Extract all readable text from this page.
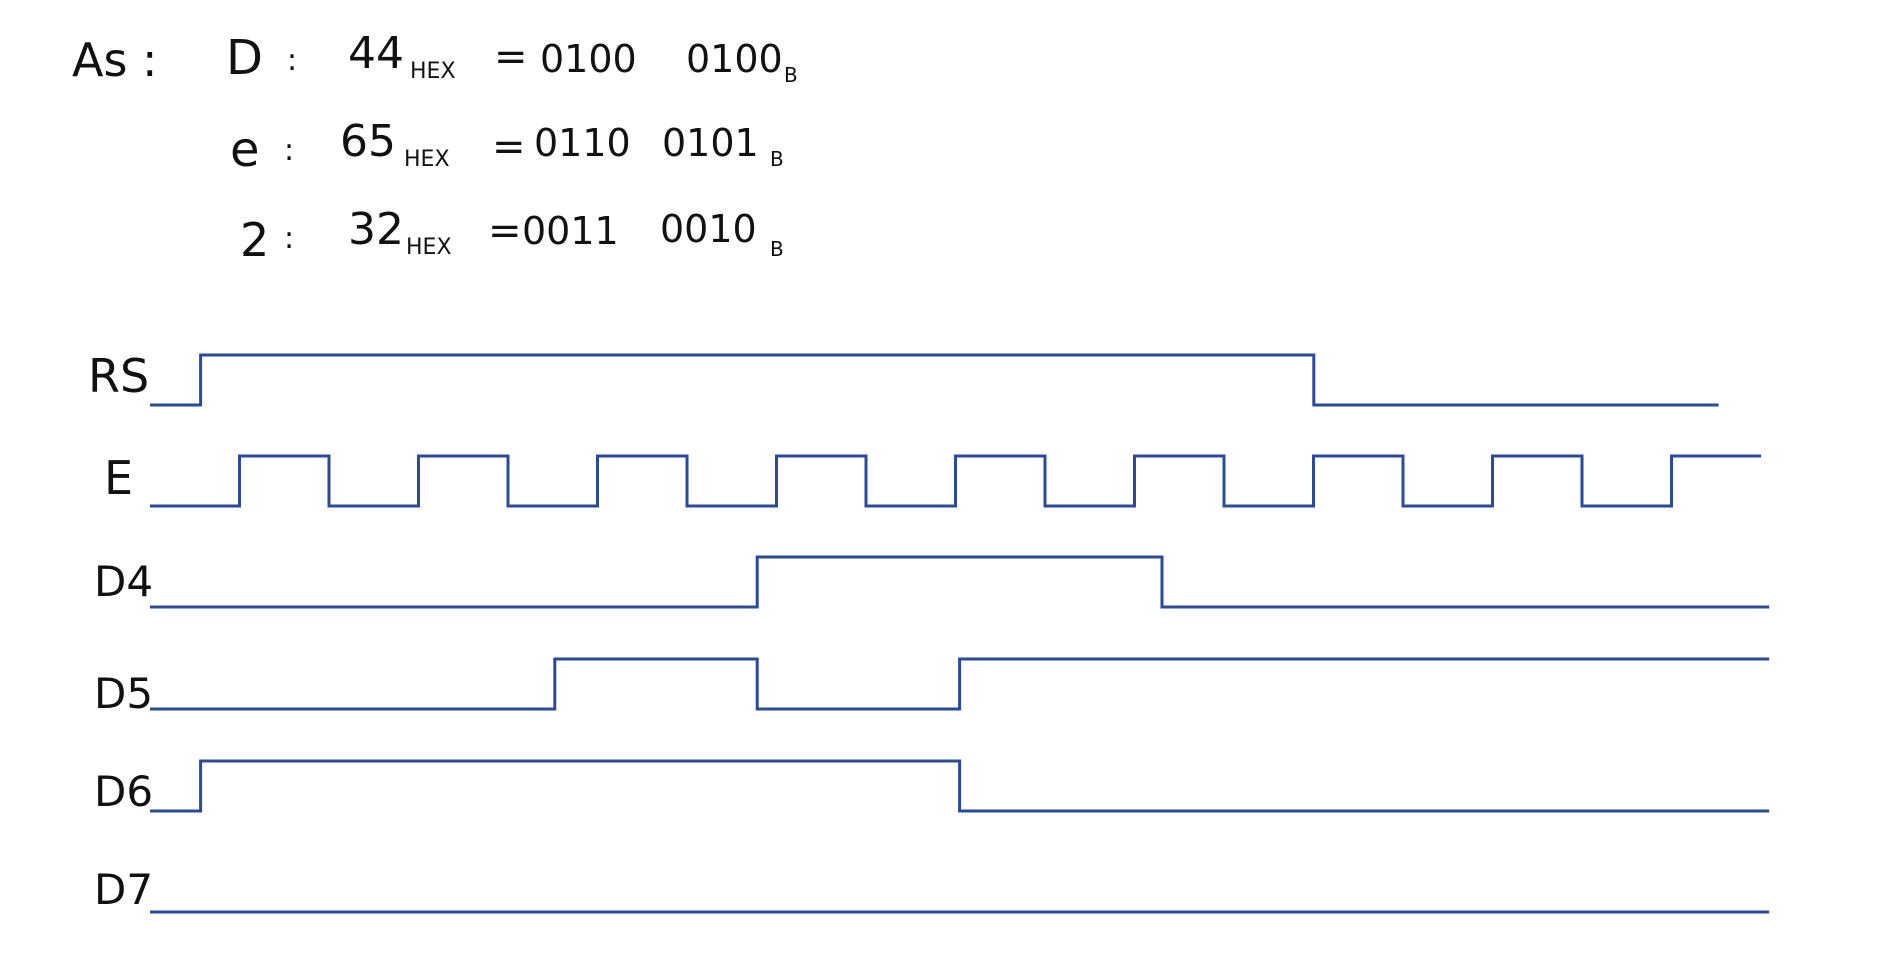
As : D : 44 HEX = 0100 0100 B
e : 65 HEX = 0110 0101 B
2 : 32 HEX = 0011 0010 B
RS
E
D4
D5
D6
D7
